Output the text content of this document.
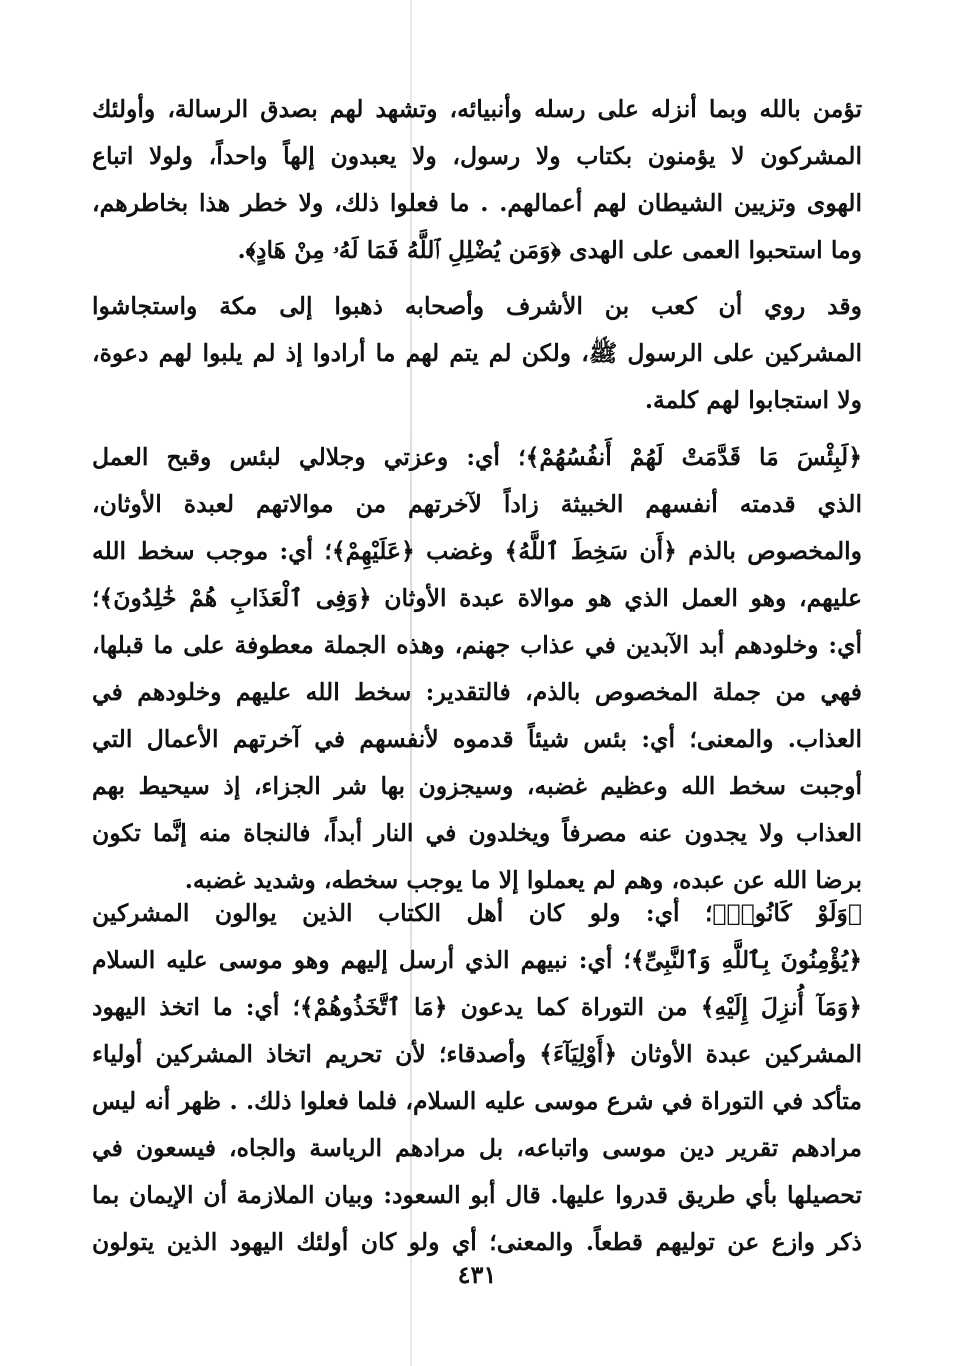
تؤمن بالله وبما أنزله على رسله وأنبيائه، وتشهد لهم بصدق الرسالة، وأولئك
المشركون لا يؤمنون بكتاب ولا رسول، ولا يعبدون إلهاً واحداً، ولولا اتباع
الهوى وتزيين الشيطان لهم أعمالهم. . ما فعلوا ذلك، ولا خطر هذا بخاطرهم،
وما استحبوا العمى على الهدى ﴿وَمَن يُضْلِلِ ٱللَّهُ فَمَا لَهُۥ مِنْ هَادٍ﴾.
وقد روي أن كعب بن الأشرف وأصحابه ذهبوا إلى مكة واستجاشوا
المشركين على الرسول ﷺ، ولكن لم يتم لهم ما أرادوا إذ لم يلبوا لهم دعوة،
ولا استجابوا لهم كلمة.
﴿لَبِئْسَ مَا قَدَّمَتْ لَهُمْ أَنفُسُهُمْ﴾؛ أي: وعزتي وجلالي لبئس وقبح العمل
الذي قدمته أنفسهم الخبيثة زاداً لآخرتهم من موالاتهم لعبدة الأوثان،
والمخصوص بالذم ﴿أَن سَخِطَ ٱللَّهُ﴾ وغضب ﴿عَلَيْهِمْ﴾؛ أي: موجب سخط الله
عليهم، وهو العمل الذي هو موالاة عبدة الأوثان ﴿وَفِى ٱلْعَذَابِ هُمْ خَٰلِدُونَ﴾؛
أي: وخلودهم أبد الآبدين في عذاب جهنم، وهذه الجملة معطوفة على ما قبلها،
فهي من جملة المخصوص بالذم، فالتقدير: سخط الله عليهم وخلودهم في
العذاب. والمعنى؛ أي: بئس شيئاً قدموه لأنفسهم في آخرتهم الأعمال التي
أوجبت سخط الله وعظيم غضبه، وسيجزون بها شر الجزاء، إذ سيحيط بهم
العذاب ولا يجدون عنه مصرفاً ويخلدون في النار أبداً، فالنجاة منه إنَّما تكون
برضا الله عن عبده، وهم لم يعملوا إلا ما يوجب سخطه، وشديد غضبه.
﴿وَلَوْ كَانُوا۟﴾؛ أي: ولو كان أهل الكتاب الذين يوالون المشركين
﴿يُؤْمِنُونَ بِٱللَّهِ وَٱلنَّبِىِّ﴾؛ أي: نبيهم الذي أرسل إليهم وهو موسى عليه السلام
﴿وَمَآ أُنزِلَ إِلَيْهِ﴾ من التوراة كما يدعون ﴿مَا ٱتَّخَذُوهُمْ﴾؛ أي: ما اتخذ اليهود
المشركين عبدة الأوثان ﴿أَوْلِيَآءَ﴾ وأصدقاء؛ لأن تحريم اتخاذ المشركين أولياء
متأكد في التوراة في شرع موسى عليه السلام، فلما فعلوا ذلك. . ظهر أنه ليس
مرادهم تقرير دين موسى واتباعه، بل مرادهم الرياسة والجاه، فيسعون في
تحصيلها بأي طريق قدروا عليها. قال أبو السعود: وبيان الملازمة أن الإيمان بما
ذكر وازع عن توليهم قطعاً. والمعنى؛ أي ولو كان أولئك اليهود الذين يتولون
٤٣١
